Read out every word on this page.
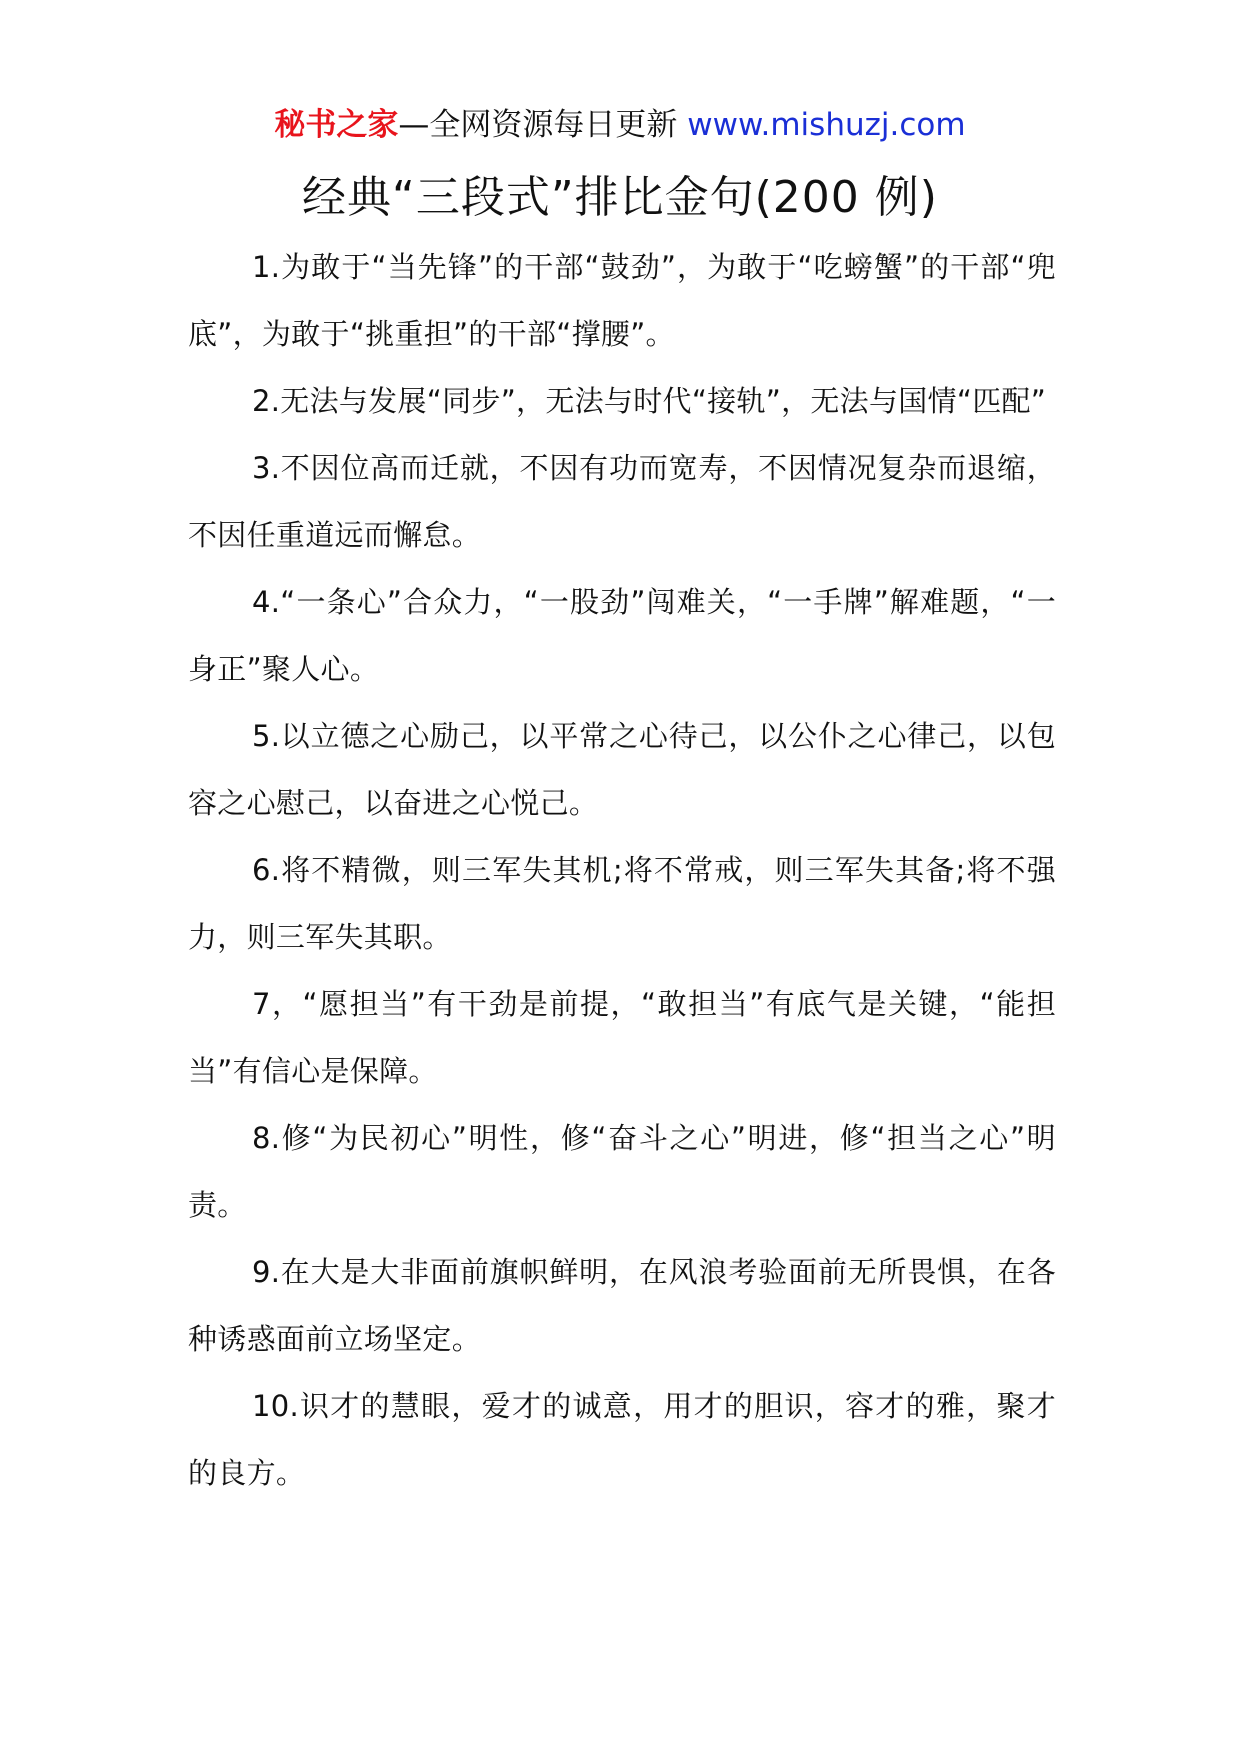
秘书之家—全网资源每日更新 www.mishuzj.com
经典“三段式”排比金句(200 例)
1.为敢于“当先锋”的干部“鼓劲”，为敢于“吃螃蟹”的干部“兜底”，为敢于“挑重担”的干部“撑腰”。
2.无法与发展“同步”，无法与时代“接轨”，无法与国情“匹配”
3.不因位高而迁就，不因有功而宽寿，不因情况复杂而退缩，不因任重道远而懈怠。
4.“一条心”合众力，“一股劲”闯难关，“一手牌”解难题，“一身正”聚人心。
5.以立德之心励己，以平常之心待己，以公仆之心律己，以包容之心慰己，以奋进之心悦己。
6.将不精微，则三军失其机;将不常戒，则三军失其备;将不强力，则三军失其职。
7，“愿担当”有干劲是前提，“敢担当”有底气是关键，“能担当”有信心是保障。
8.修“为民初心”明性，修“奋斗之心”明进，修“担当之心”明责。
9.在大是大非面前旗帜鲜明，在风浪考验面前无所畏惧，在各种诱惑面前立场坚定。
10.识才的慧眼，爱才的诚意，用才的胆识，容才的雅，聚才的良方。
